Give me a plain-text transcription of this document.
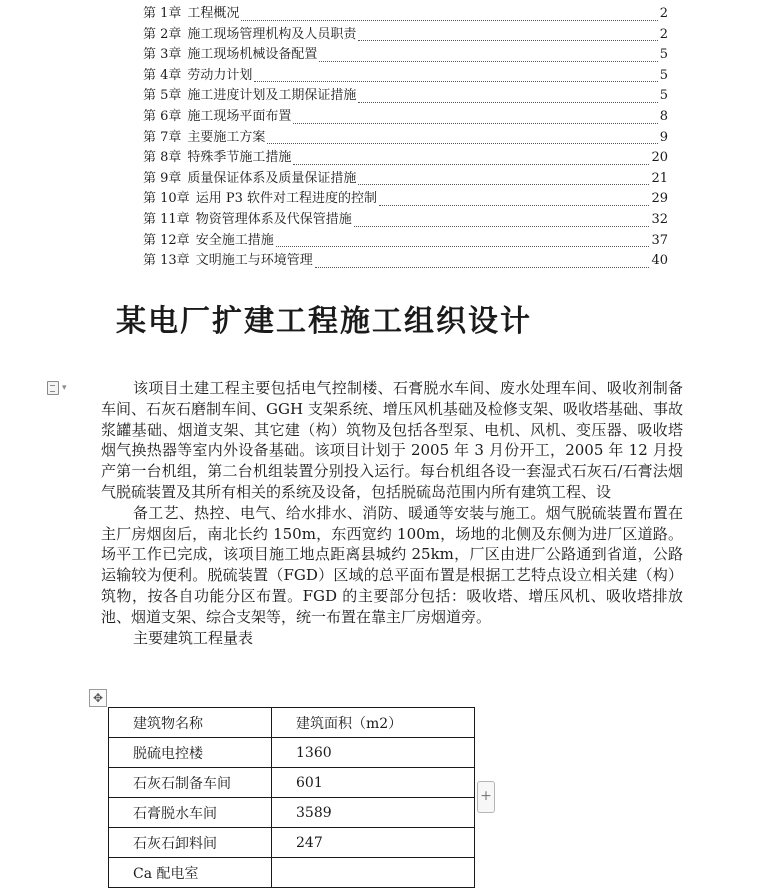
第 1章 工程概况	2
第 2章 施工现场管理机构及人员职责	2
第 3章 施工现场机械设备配置	5
第 4章 劳动力计划	5
第 5章 施工进度计划及工期保证措施	5
第 6章 施工现场平面布置	8
第 7章 主要施工方案	9
第 8章 特殊季节施工措施	20
第 9章 质量保证体系及质量保证措施	21
第 10章 运用 P3 软件对工程进度的控制	29
第 11章 物资管理体系及代保管措施	32
第 12章 安全施工措施	37
第 13章 文明施工与环境管理	40
某电厂扩建工程施工组织设计
▾	该项目土建工程主要包括电气控制楼、石膏脱水车间、废水处理车间、吸收剂制备车间、石灰石磨制车间、GGH 支架系统、增压风机基础及检修支架、吸收塔基础、事故浆罐基础、烟道支架、其它建（构）筑物及包括各型泵、电机、风机、变压器、吸收塔烟气换热器等室内外设备基础。该项目计划于 2005 年 3 月份开工，2005 年 12 月投产第一台机组，第二台机组装置分别投入运行。每台机组各设一套湿式石灰石/石膏法烟气脱硫装置及其所有相关的系统及设备，包括脱硫岛范围内所有建筑工程、设

备工艺、热控、电气、给水排水、消防、暖通等安装与施工。烟气脱硫装置布置在主厂房烟囱后，南北长约 150m，东西宽约 100m，场地的北侧及东侧为进厂区道路。场平工作已完成，该项目施工地点距离县城约 25km，厂区由进厂公路通到省道，公路运输较为便利。脱硫装置（FGD）区域的总平面布置是根据工艺特点设立相关建（构）筑物，按各自功能分区布置。FGD 的主要部分包括：吸收塔、增压风机、吸收塔排放池、烟道支架、综合支架等，统一布置在靠主厂房烟道旁。

主要建筑工程量表

✥
建筑物名称	建筑面积（m2）
脱硫电控楼	1360
石灰石制备车间	601
石膏脱水车间	3589
石灰石卸料间	247
Ca 配电室	
+
